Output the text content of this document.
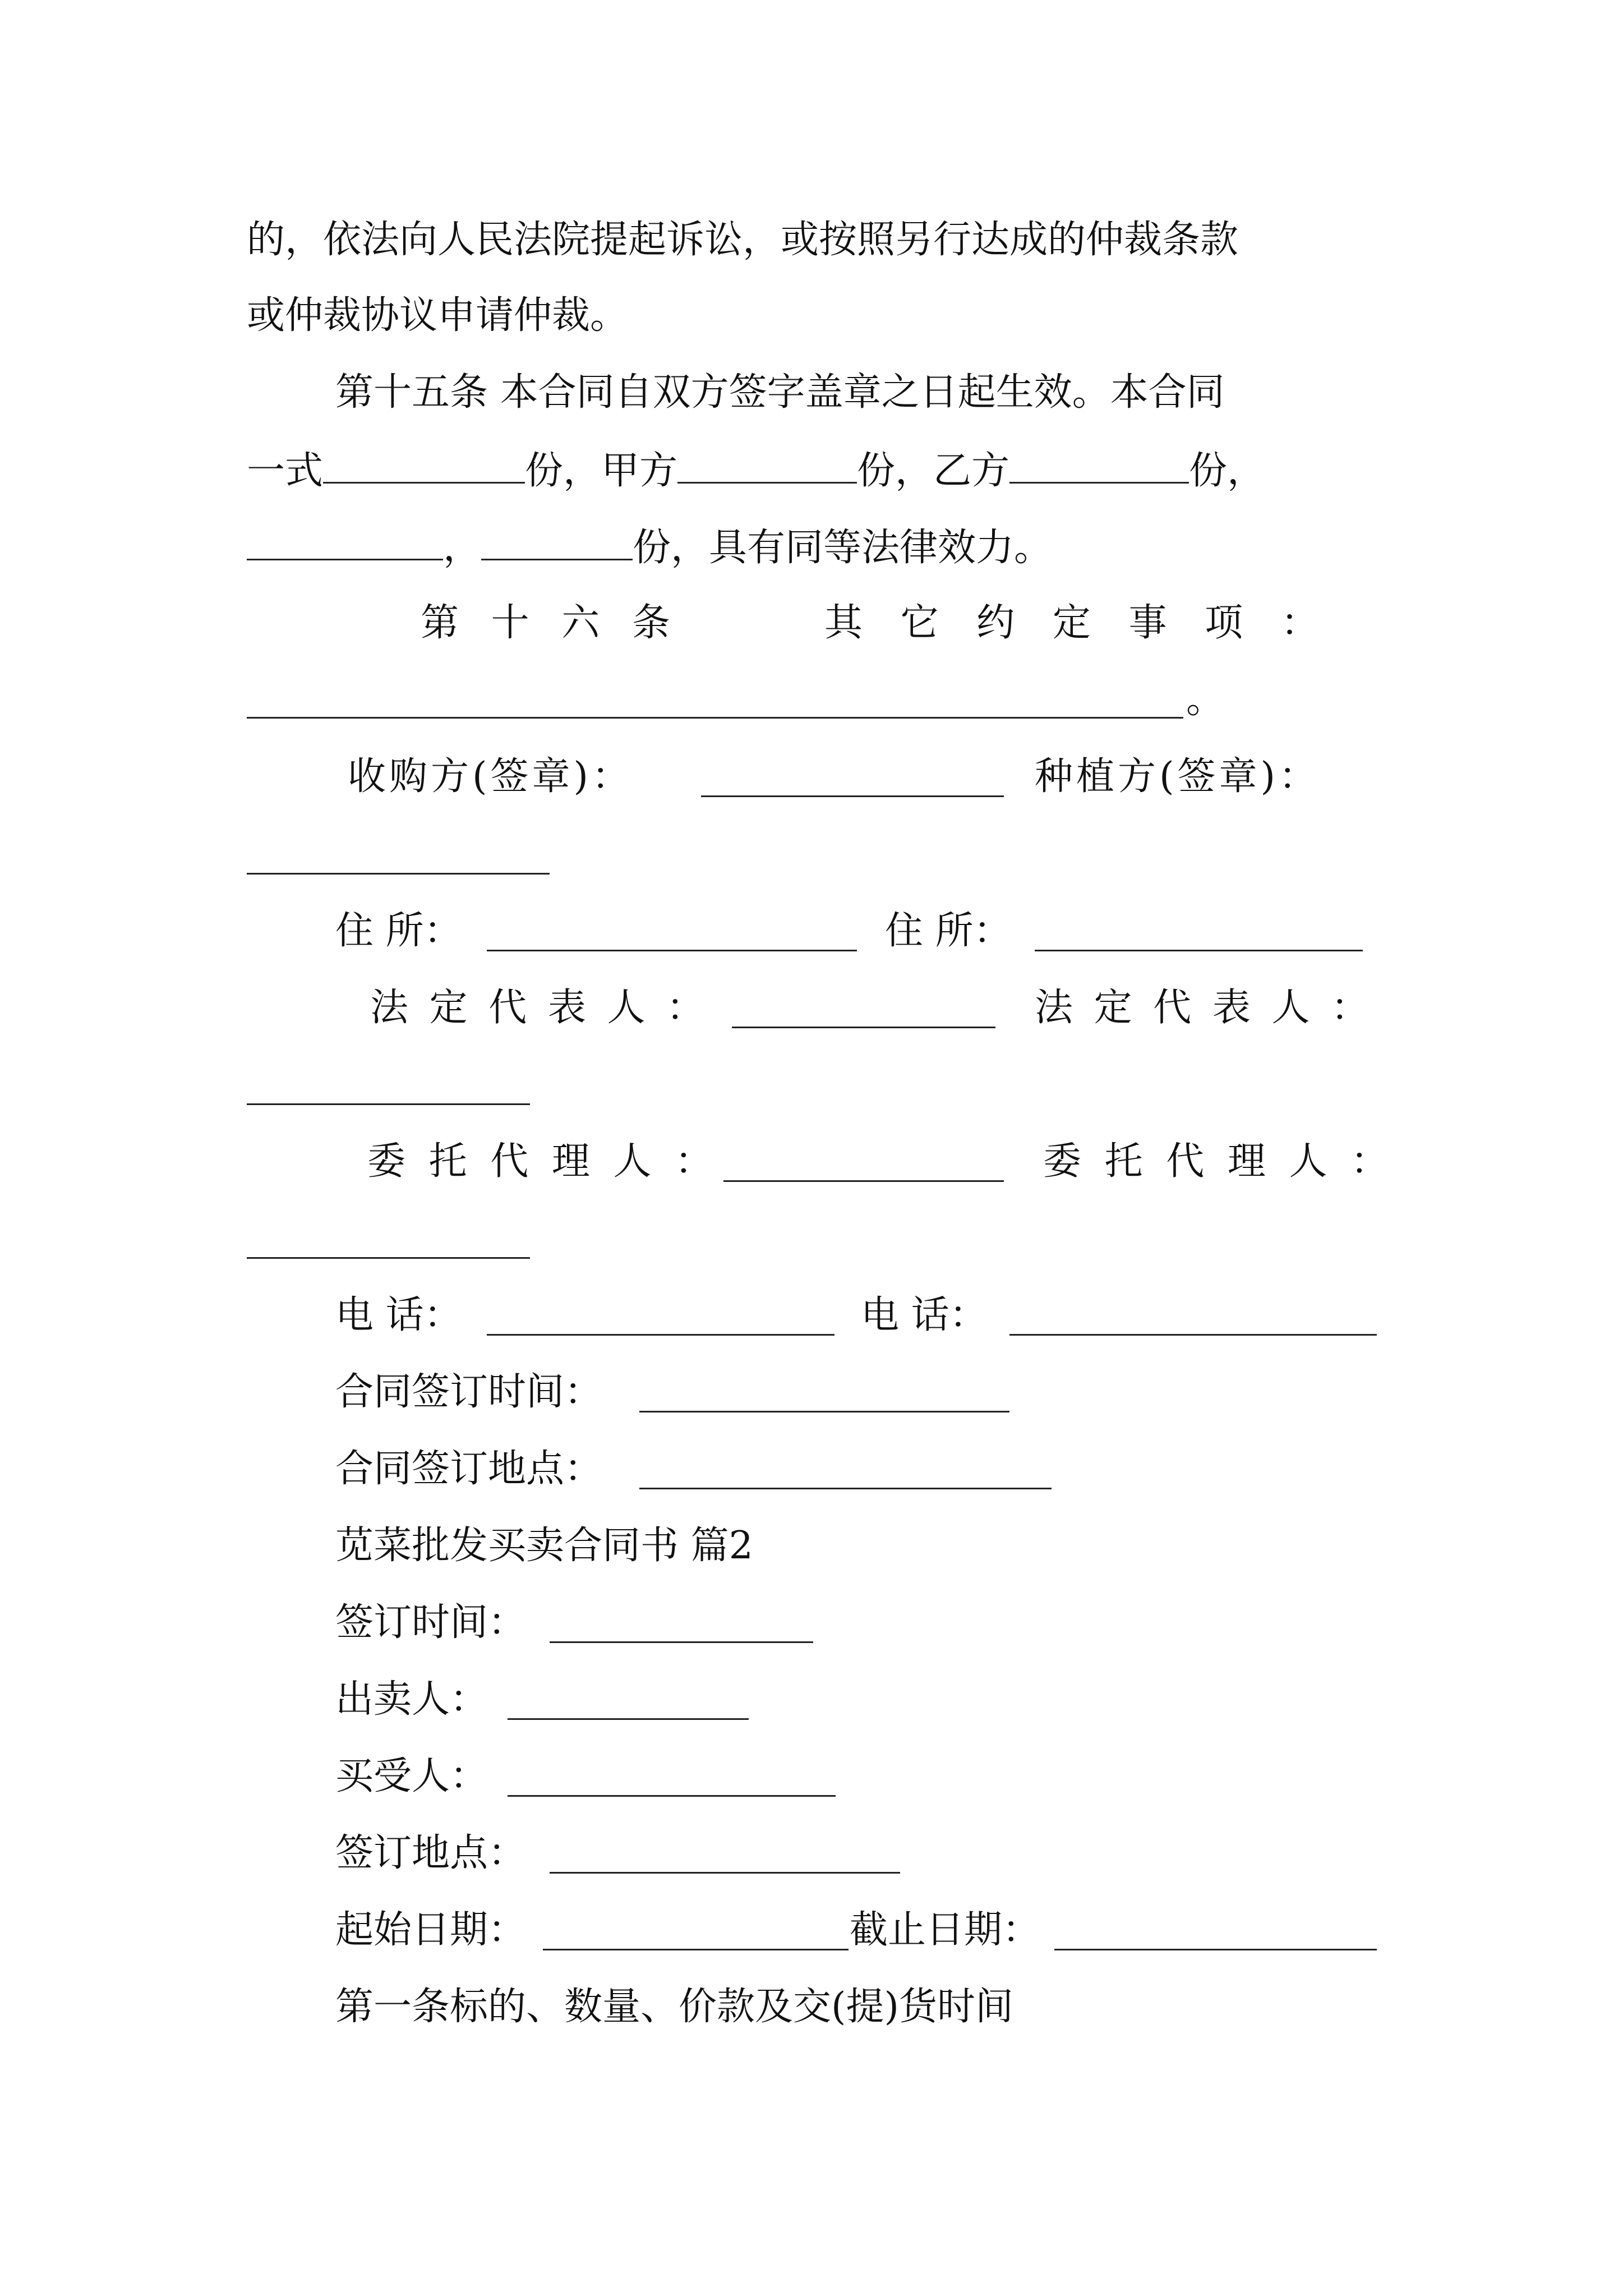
的，依法向人民法院提起诉讼，或按照另行达成的仲裁条款
或仲裁协议申请仲裁。
第十五条 本合同自双方签字盖章之日起生效。本合同
一式	份，甲方	份，乙方	份，
，	份，具有同等法律效力。
第 十 六 条	其 它 约 定 事 项 ：
。
收购方(签章)：	种植方(签章)：
住 所：	住 所：
法 定 代 表 人 ：	法 定 代 表 人 ：
委 托 代 理 人 ：	委 托 代 理 人 ：
电 话：	电 话：
合同签订时间：
合同签订地点：
苋菜批发买卖合同书 篇2
签订时间：
出卖人：
买受人：
签订地点：
起始日期：	截止日期：
第一条标的、数量、价款及交(提)货时间
